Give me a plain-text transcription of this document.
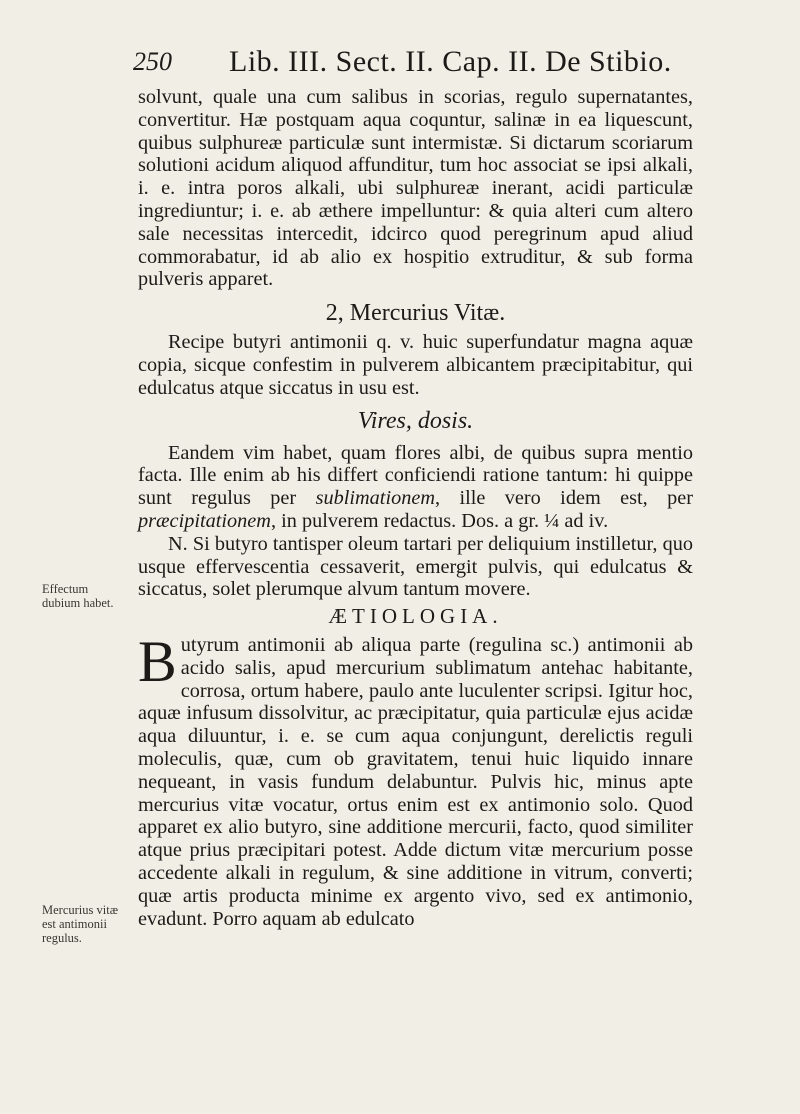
250 Lib. III. Sect. II. Cap. II. De Stibio.

solvunt, quale una cum salibus in scorias, regulo supernatantes, convertitur. Hæ postquam aqua coquntur, salinæ in ea liquescunt, quibus sulphureæ particulæ sunt intermistæ. Si dictarum scoriarum solutioni acidum aliquod affunditur, tum hoc associat se ipsi alkali, i. e. intra poros alkali, ubi sulphureæ inerant, acidi particulæ ingrediuntur; i. e. ab æthere impelluntur: & quia alteri cum altero sale necessitas intercedit, idcirco quod peregrinum apud aliud commorabatur, id ab alio ex hospitio extruditur, & sub forma pulveris apparet.

2, Mercurius Vitæ.

Recipe butyri antimonii q. v. huic superfundatur magna aquæ copia, sicque confestim in pulverem albicantem præcipitabitur, qui edulcatus atque siccatus in usu est.

Vires, dosis.

Eandem vim habet, quam flores albi, de quibus supra mentio facta. Ille enim ab his differt conficiendi ratione tantum: hi quippe sunt regulus per sublimationem, ille vero idem est, per præcipitationem, in pulverem redactus. Dos. a gr. ¼ ad iv.

N. Si butyro tantisper oleum tartari per deliquium instilletur, quo usque effervescentia cessaverit, emergit pulvis, qui edulcatus & siccatus, solet plerumque alvum tantum movere.

ÆTIOLOGIA.

Butyrum antimonii ab aliqua parte (regulina sc.) antimonii ab acido salis, apud mercurium sublimatum antehac habitante, corrosa, ortum habere, paulo ante luculenter scripsi. Igitur hoc, aquæ infusum dissolvitur, ac præcipitatur, quia particulæ ejus acidæ aqua diluuntur, i. e. se cum aqua conjungunt, derelictis reguli moleculis, quæ, cum ob gravitatem, tenui huic liquido innare nequeant, in vasis fundum delabuntur. Pulvis hic, minus apte mercurius vitæ vocatur, ortus enim est ex antimonio solo. Quod apparet ex alio butyro, sine additione mercurii, facto, quod similiter atque prius præcipitari potest. Adde dictum vitæ mercurium posse accedente alkali in regulum, & sine additione in vitrum, converti; quæ artis producta minime ex argento vivo, sed ex antimonio, evadunt. Porro aquam ab edulcato

Effectum dubium habet.
Mercurius vitæ est antimonii regulus.
